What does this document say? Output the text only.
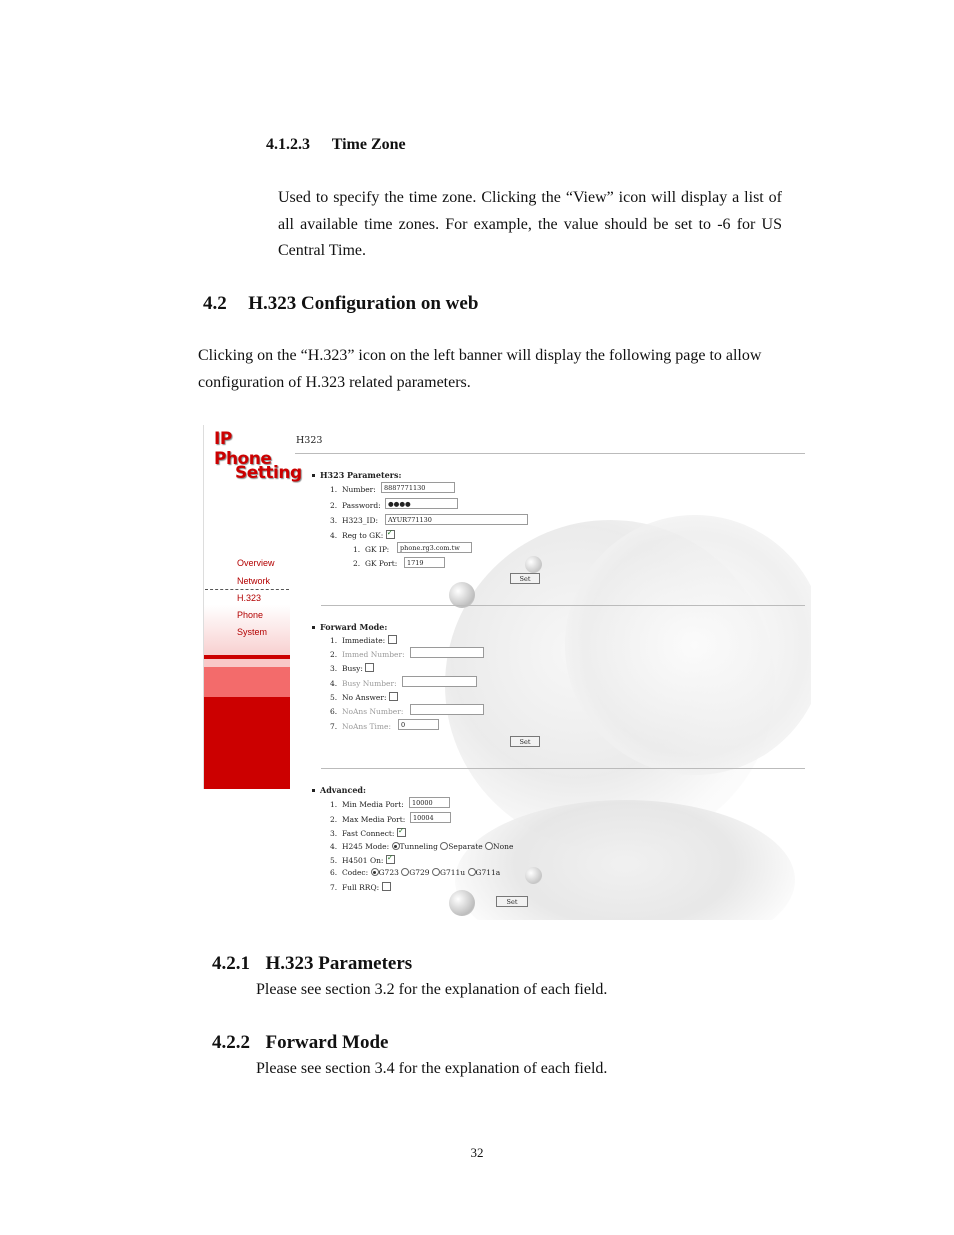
4.1.2.3 Time Zone
Used to specify the time zone. Clicking the “View” icon will display a list of all available time zones. For example, the value should be set to -6 for US Central Time.
4.2 H.323 Configuration on web
Clicking on the “H.323” icon on the left banner will display the following page to allow configuration of H.323 related parameters.
IP Phone
Setting
Overview
Network
H.323
Phone
System
H323
H323 Parameters:
1. Number:	8887771130
2. Password:	●●●●
3. H323_ID:	AYUR771130
4. Reg to GK: ✓
1. GK IP:	phone.rg3.com.tw
2. GK Port:	1719
Set
Forward Mode:
1. Immediate:
2. Immed Number:
3. Busy:
4. Busy Number:
5. No Answer:
6. NoAns Number:
7. NoAns Time:	0
Set
Advanced:
1. Min Media Port:	10000
2. Max Media Port:	10004
3. Fast Connect: ✓
4. H245 Mode: Tunneling Separate None
5. H4501 On: ✓
6. Codec: G723 G729 G711u G711a
7. Full RRQ:
Set
4.2.1 H.323 Parameters
Please see section 3.2 for the explanation of each field.
4.2.2 Forward Mode
Please see section 3.4 for the explanation of each field.
32
